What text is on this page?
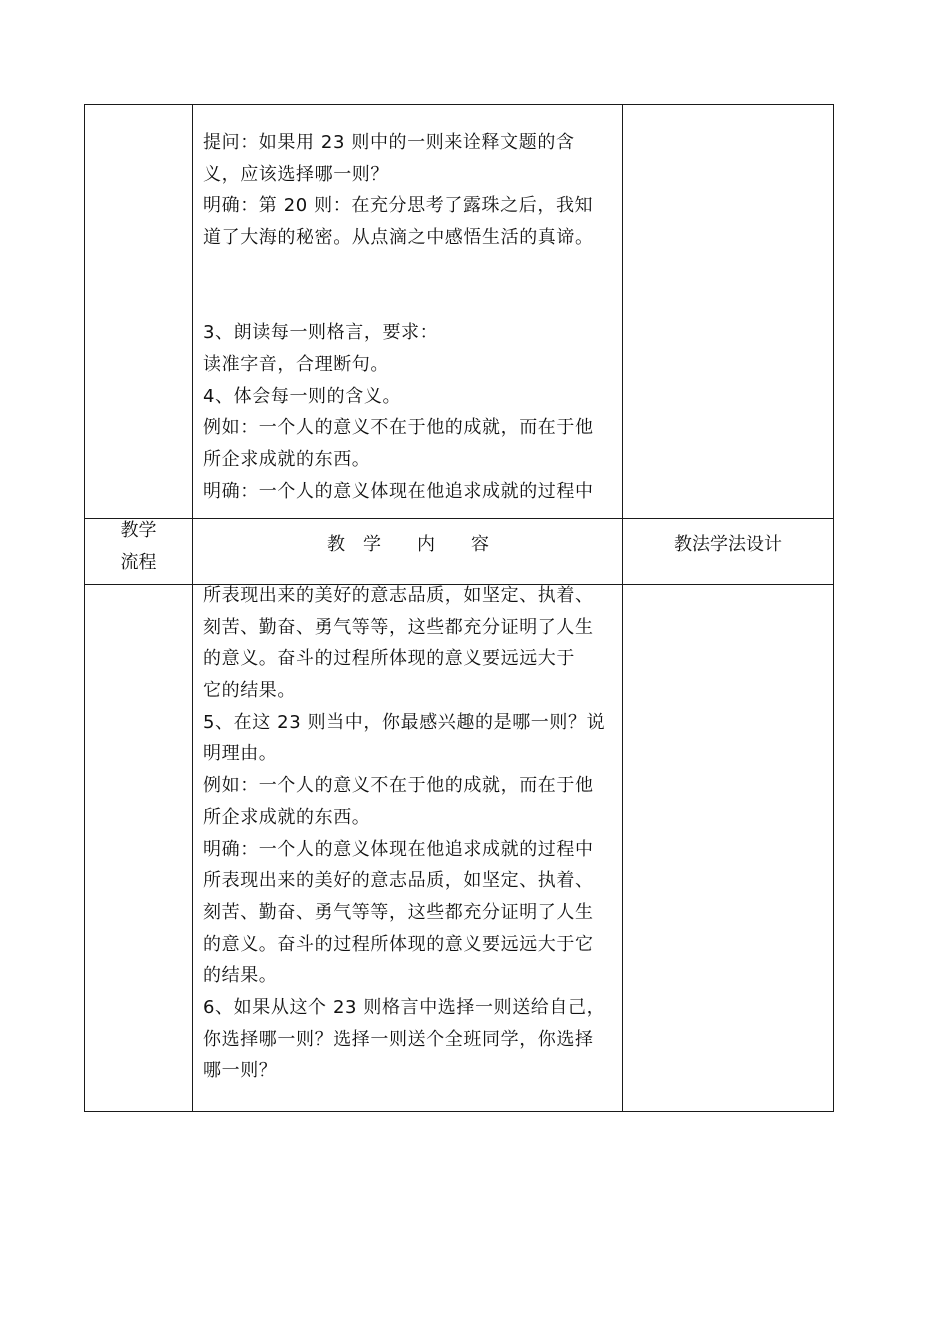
提问：如果用 23 则中的一则来诠释文题的含

义，应该选择哪一则？

明确：第 20 则：在充分思考了露珠之后，我知

道了大海的秘密。从点滴之中感悟生活的真谛。

3、朗读每一则格言，要求：

读准字音，合理断句。

4、体会每一则的含义。

例如：一个人的意义不在于他的成就，而在于他

所企求成就的东西。

明确：一个人的意义体现在他追求成就的过程中

教学
流程
教　学　　内　　容	教法学法设计

所表现出来的美好的意志品质，如坚定、执着、

刻苦、勤奋、勇气等等，这些都充分证明了人生

的意义。奋斗的过程所体现的意义要远远大于

它的结果。

5、在这 23 则当中，你最感兴趣的是哪一则？说

明理由。

例如：一个人的意义不在于他的成就，而在于他

所企求成就的东西。

明确：一个人的意义体现在他追求成就的过程中

所表现出来的美好的意志品质，如坚定、执着、

刻苦、勤奋、勇气等等，这些都充分证明了人生

的意义。奋斗的过程所体现的意义要远远大于它

的结果。

6、如果从这个 23 则格言中选择一则送给自己，

你选择哪一则？选择一则送个全班同学，你选择

哪一则？
